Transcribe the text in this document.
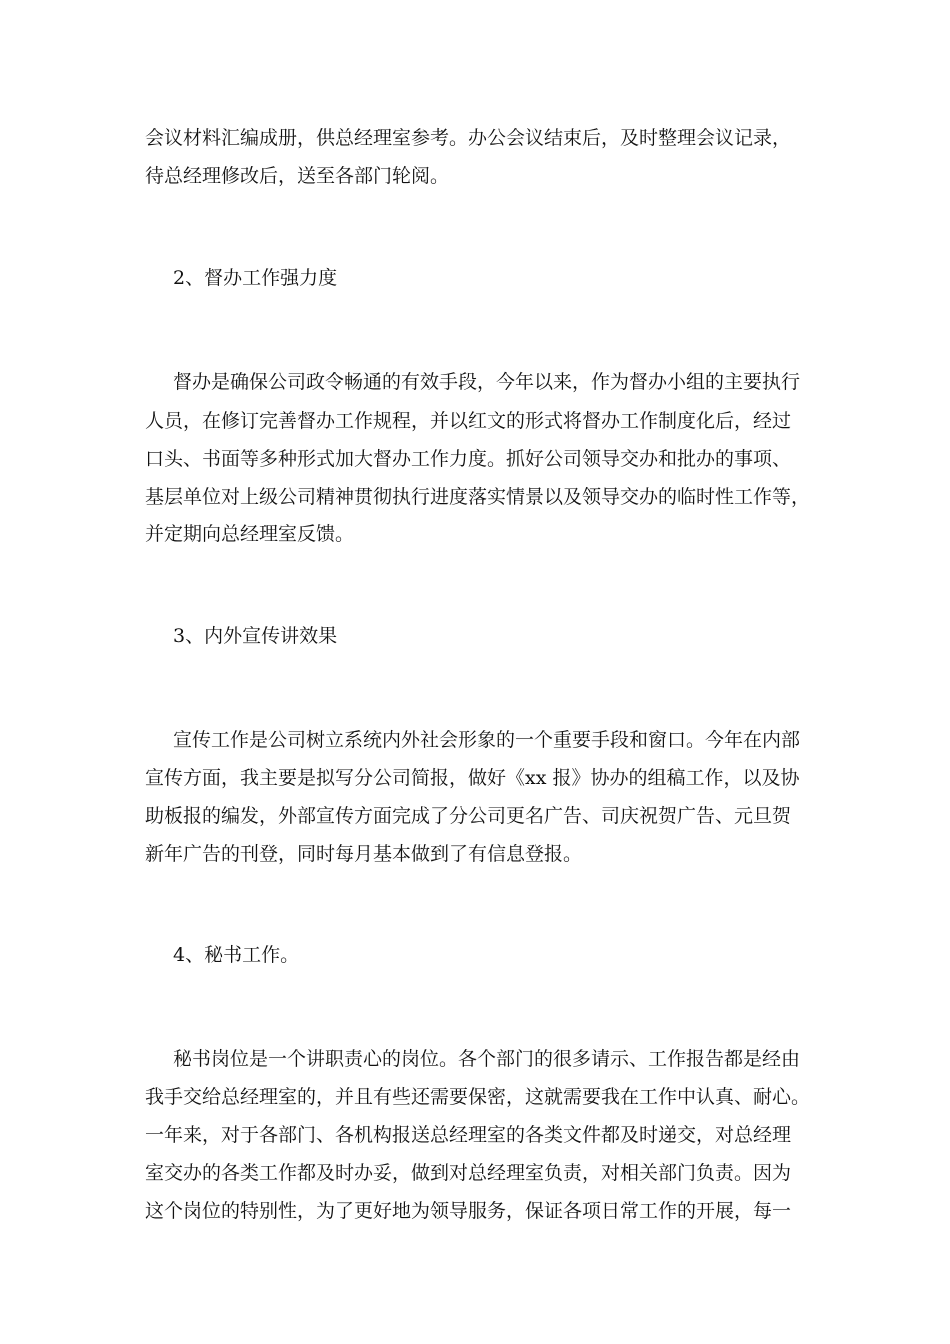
会议材料汇编成册，供总经理室参考。办公会议结束后，及时整理会议记录，
待总经理修改后，送至各部门轮阅。
2、督办工作强力度
督办是确保公司政令畅通的有效手段，今年以来，作为督办小组的主要执行
人员，在修订完善督办工作规程，并以红文的形式将督办工作制度化后，经过
口头、书面等多种形式加大督办工作力度。抓好公司领导交办和批办的事项、
基层单位对上级公司精神贯彻执行进度落实情景以及领导交办的临时性工作等，
并定期向总经理室反馈。
3、内外宣传讲效果
宣传工作是公司树立系统内外社会形象的一个重要手段和窗口。今年在内部
宣传方面，我主要是拟写分公司简报，做好《xx 报》协办的组稿工作，以及协
助板报的编发，外部宣传方面完成了分公司更名广告、司庆祝贺广告、元旦贺
新年广告的刊登，同时每月基本做到了有信息登报。
4、秘书工作。
秘书岗位是一个讲职责心的岗位。各个部门的很多请示、工作报告都是经由
我手交给总经理室的，并且有些还需要保密，这就需要我在工作中认真、耐心。
一年来，对于各部门、各机构报送总经理室的各类文件都及时递交，对总经理
室交办的各类工作都及时办妥，做到对总经理室负责，对相关部门负责。因为
这个岗位的特别性，为了更好地为领导服务，保证各项日常工作的开展，每一
